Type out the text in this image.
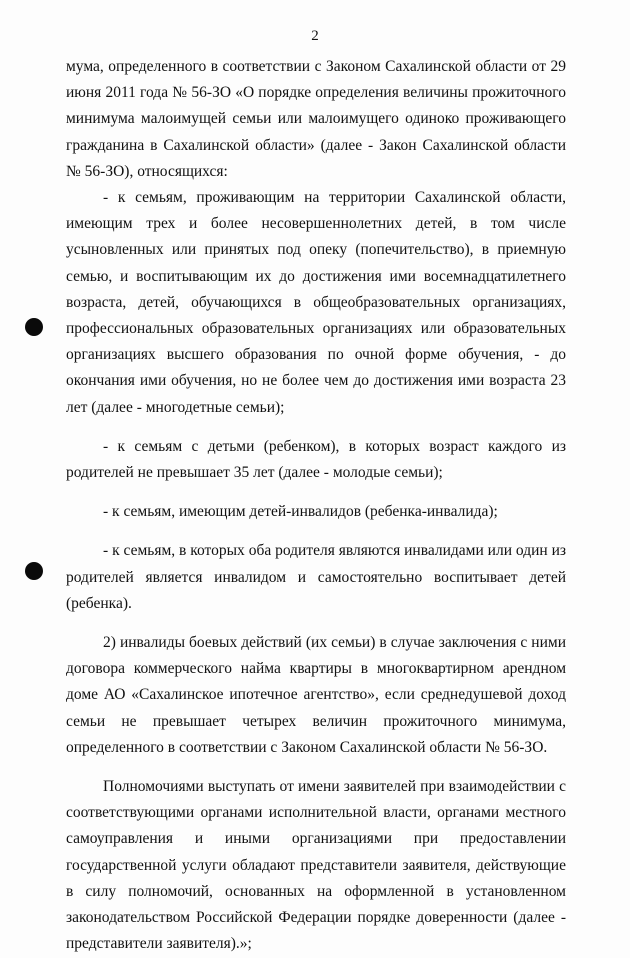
2

мума, определенного в соответствии с Законом Сахалинской области от 29 июня 2011 года № 56-ЗО «О порядке определения величины прожиточного минимума малоимущей семьи или малоимущего одиноко проживающего гражданина в Сахалинской области» (далее - Закон Сахалинской области № 56-ЗО), относящихся:

- к семьям, проживающим на территории Сахалинской области, имеющим трех и более несовершеннолетних детей, в том числе усыновленных или принятых под опеку (попечительство), в приемную семью, и воспитывающим их до достижения ими восемнадцатилетнего возраста, детей, обучающихся в общеобразовательных организациях, профессиональных образовательных организациях или образовательных организациях высшего образования по очной форме обучения, - до окончания ими обучения, но не более чем до достижения ими возраста 23 лет (далее - многодетные семьи);

- к семьям с детьми (ребенком), в которых возраст каждого из родителей не превышает 35 лет (далее - молодые семьи);

- к семьям, имеющим детей-инвалидов (ребенка-инвалида);

- к семьям, в которых оба родителя являются инвалидами или один из родителей является инвалидом и самостоятельно воспитывает детей (ребенка).

2) инвалиды боевых действий (их семьи) в случае заключения с ними договора коммерческого найма квартиры в многоквартирном арендном доме АО «Сахалинское ипотечное агентство», если среднедушевой доход семьи не превышает четырех величин прожиточного минимума, определенного в соответствии с Законом Сахалинской области № 56-ЗО.

Полномочиями выступать от имени заявителей при взаимодействии с соответствующими органами исполнительной власти, органами местного самоуправления и иными организациями при предоставлении государственной услуги обладают представители заявителя, действующие в силу полномочий, основанных на оформленной в установленном законодательством Российской Федерации порядке доверенности (далее - представители заявителя).»;
